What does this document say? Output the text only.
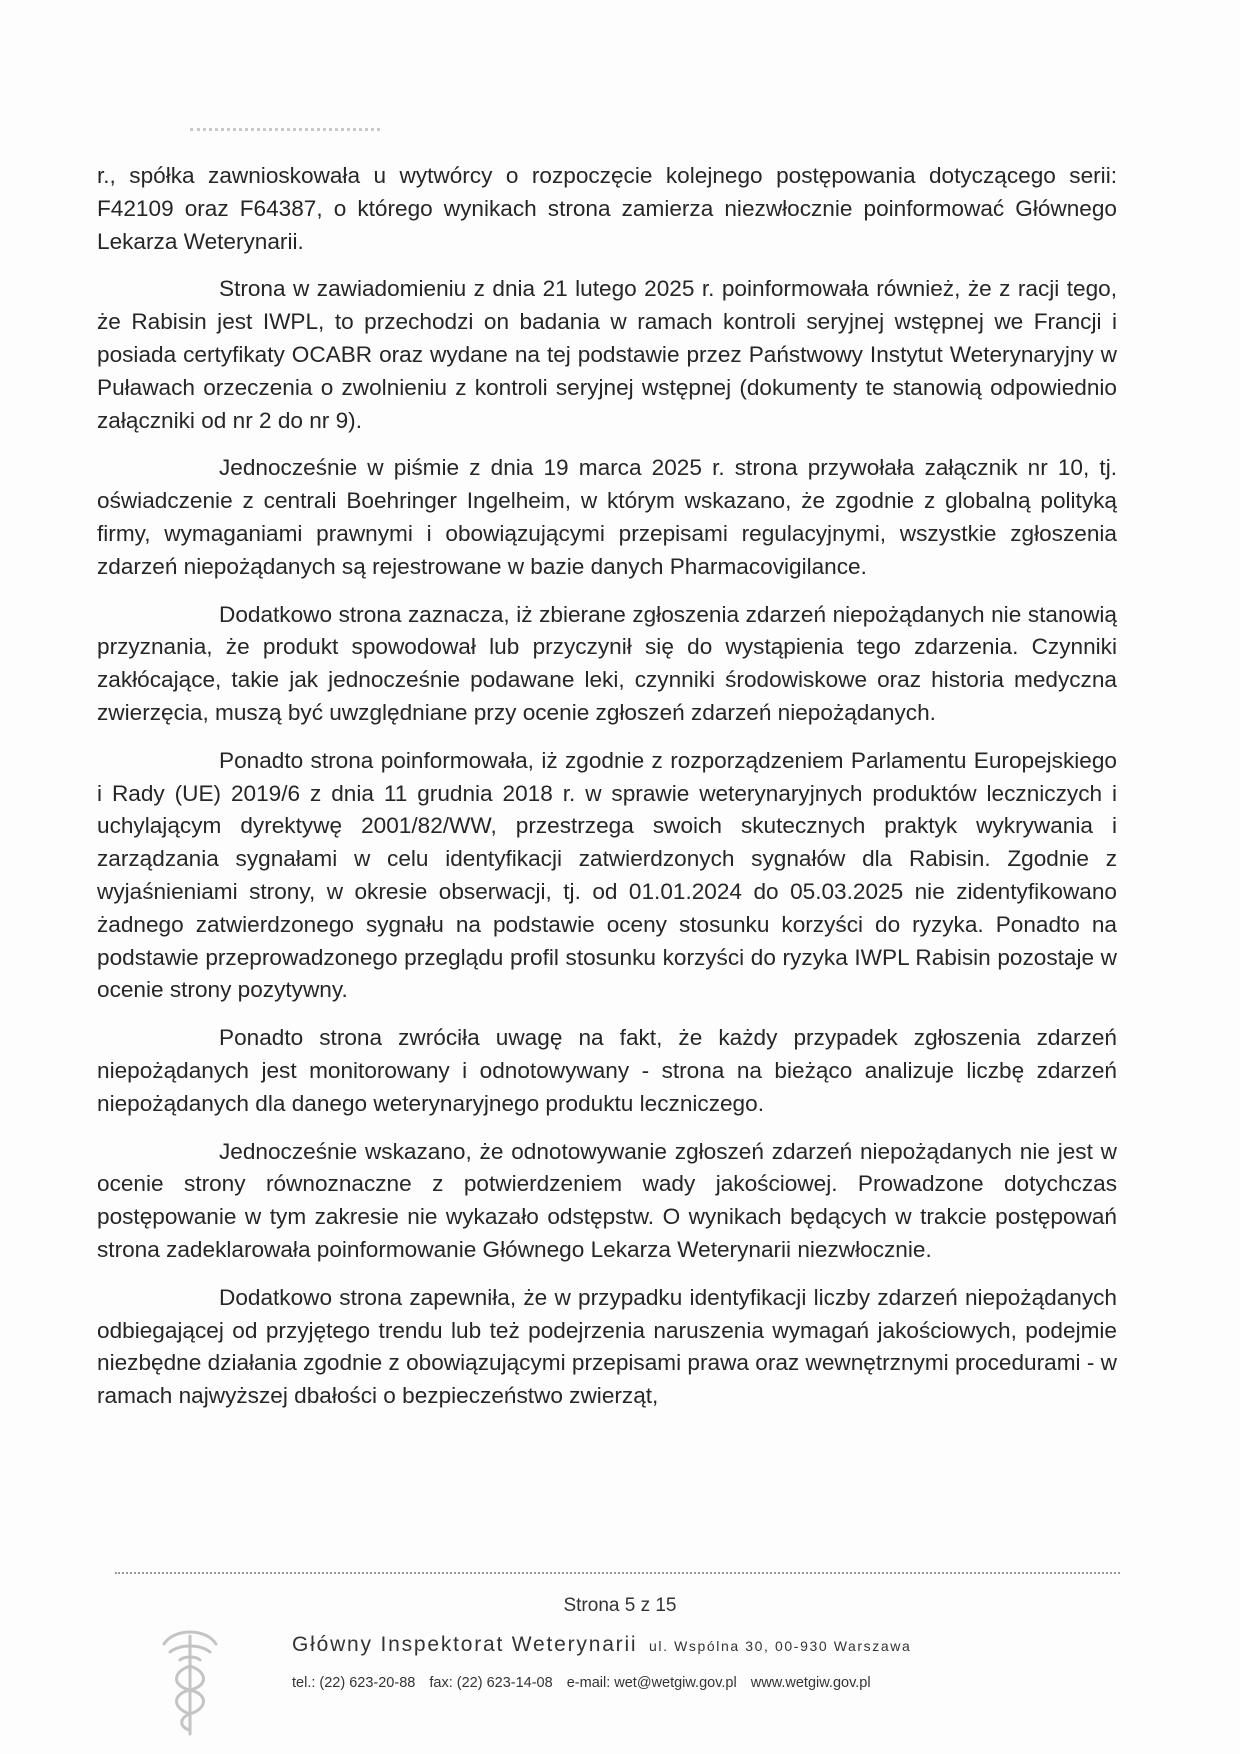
r., spółka zawnioskowała u wytwórcy o rozpoczęcie kolejnego postępowania dotyczącego serii: F42109 oraz F64387, o którego wynikach strona zamierza niezwłocznie poinformować Głównego Lekarza Weterynarii.

Strona w zawiadomieniu z dnia 21 lutego 2025 r. poinformowała również, że z racji tego, że Rabisin jest IWPL, to przechodzi on badania w ramach kontroli seryjnej wstępnej we Francji i posiada certyfikaty OCABR oraz wydane na tej podstawie przez Państwowy Instytut Weterynaryjny w Puławach orzeczenia o zwolnieniu z kontroli seryjnej wstępnej (dokumenty te stanowią odpowiednio załączniki od nr 2 do nr 9).

Jednocześnie w piśmie z dnia 19 marca 2025 r. strona przywołała załącznik nr 10, tj. oświadczenie z centrali Boehringer Ingelheim, w którym wskazano, że zgodnie z globalną polityką firmy, wymaganiami prawnymi i obowiązującymi przepisami regulacyjnymi, wszystkie zgłoszenia zdarzeń niepożądanych są rejestrowane w bazie danych Pharmacovigilance.

Dodatkowo strona zaznacza, iż zbierane zgłoszenia zdarzeń niepożądanych nie stanowią przyznania, że produkt spowodował lub przyczynił się do wystąpienia tego zdarzenia. Czynniki zakłócające, takie jak jednocześnie podawane leki, czynniki środowiskowe oraz historia medyczna zwierzęcia, muszą być uwzględniane przy ocenie zgłoszeń zdarzeń niepożądanych.

Ponadto strona poinformowała, iż zgodnie z rozporządzeniem Parlamentu Europejskiego i Rady (UE) 2019/6 z dnia 11 grudnia 2018 r. w sprawie weterynaryjnych produktów leczniczych i uchylającym dyrektywę 2001/82/WW, przestrzega swoich skutecznych praktyk wykrywania i zarządzania sygnałami w celu identyfikacji zatwierdzonych sygnałów dla Rabisin. Zgodnie z wyjaśnieniami strony, w okresie obserwacji, tj. od 01.01.2024 do 05.03.2025 nie zidentyfikowano żadnego zatwierdzonego sygnału na podstawie oceny stosunku korzyści do ryzyka. Ponadto na podstawie przeprowadzonego przeglądu profil stosunku korzyści do ryzyka IWPL Rabisin pozostaje w ocenie strony pozytywny.

Ponadto strona zwróciła uwagę na fakt, że każdy przypadek zgłoszenia zdarzeń niepożądanych jest monitorowany i odnotowywany - strona na bieżąco analizuje liczbę zdarzeń niepożądanych dla danego weterynaryjnego produktu leczniczego.

Jednocześnie wskazano, że odnotowywanie zgłoszeń zdarzeń niepożądanych nie jest w ocenie strony równoznaczne z potwierdzeniem wady jakościowej. Prowadzone dotychczas postępowanie w tym zakresie nie wykazało odstępstw. O wynikach będących w trakcie postępowań strona zadeklarowała poinformowanie Głównego Lekarza Weterynarii niezwłocznie.

Dodatkowo strona zapewniła, że w przypadku identyfikacji liczby zdarzeń niepożądanych odbiegającej od przyjętego trendu lub też podejrzenia naruszenia wymagań jakościowych, podejmie niezbędne działania zgodnie z obowiązującymi przepisami prawa oraz wewnętrznymi procedurami - w ramach najwyższej dbałości o bezpieczeństwo zwierząt,

Strona 5 z 15
Główny Inspektorat Weterynarii ul. Wspólna 30, 00-930 Warszawa
tel.: (22) 623-20-88 fax: (22) 623-14-08 e-mail: wet@wetgiw.gov.pl www.wetgiw.gov.pl
